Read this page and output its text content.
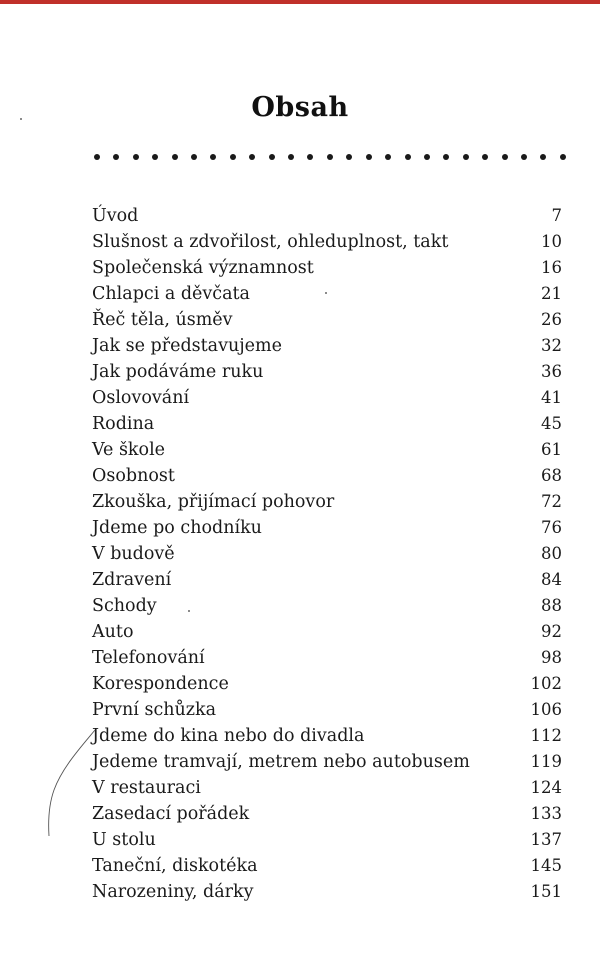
Obsah
Úvod	7
Slušnost a zdvořilost, ohleduplnost, takt	10
Společenská významnost	16
Chlapci a děvčata	21
Řeč těla, úsměv	26
Jak se představujeme	32
Jak podáváme ruku	36
Oslovování	41
Rodina	45
Ve škole	61
Osobnost	68
Zkouška, přijímací pohovor	72
Jdeme po chodníku	76
V budově	80
Zdravení	84
Schody	88
Auto	92
Telefonování	98
Korespondence	102
První schůzka	106
Jdeme do kina nebo do divadla	112
Jedeme tramvají, metrem nebo autobusem	119
V restauraci	124
Zasedací pořádek	133
U stolu	137
Taneční, diskotéka	145
Narozeniny, dárky	151
